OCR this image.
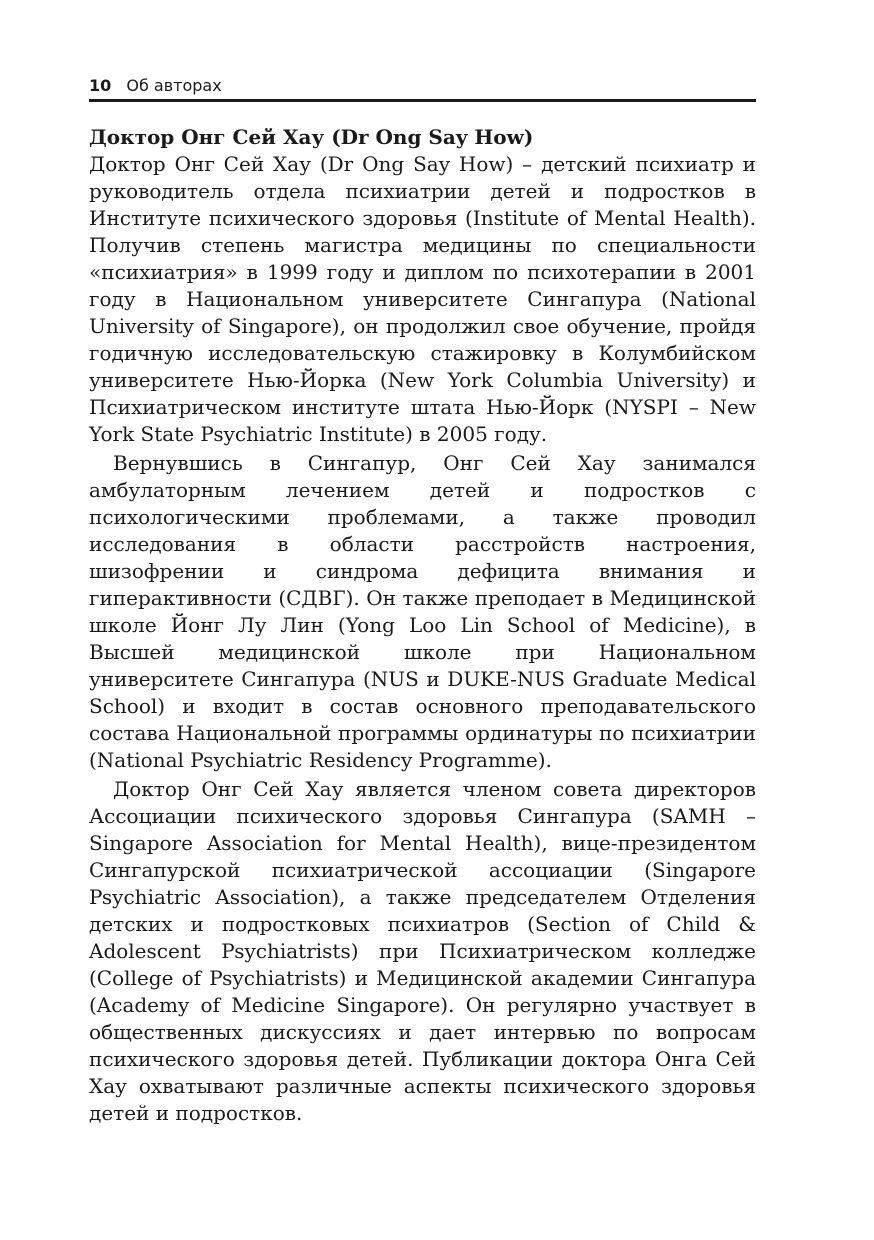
10 Об авторах
Доктор Онг Сей Хау (Dr Ong Say How)

Доктор Онг Сей Хау (Dr Ong Say How) – детский психиатр и руководитель отдела психиатрии детей и подростков в Институте психического здоровья (Institute of Mental Health). Получив степень магистра медицины по специальности «психиатрия» в 1999 году и диплом по психотерапии в 2001 году в Национальном университете Сингапура (National University of Singapore), он продолжил свое обучение, пройдя годичную исследовательскую стажировку в Колумбийском университете Нью-Йорка (New York Columbia University) и Психиатрическом институте штата Нью-Йорк (NYSPI – New York State Psychiatric Institute) в 2005 году.

Вернувшись в Сингапур, Онг Сей Хау занимался амбулаторным лечением детей и подростков с психологическими проблемами, а также проводил исследования в области расстройств настроения, шизофрении и синдрома дефицита внимания и гиперактивности (СДВГ). Он также преподает в Медицинской школе Йонг Лу Лин (Yong Loo Lin School of Medicine), в Высшей медицинской школе при Национальном университете Сингапура (NUS и DUKE-NUS Graduate Medical School) и входит в состав основного преподавательского состава Национальной программы ординатуры по психиатрии (National Psychiatric Residency Programme).

Доктор Онг Сей Хау является членом совета директоров Ассоциации психического здоровья Сингапура (SAMH – Singapore Association for Mental Health), вице-президентом Сингапурской психиатрической ассоциации (Singapore Psychiatric Association), а также председателем Отделения детских и подростковых психиатров (Section of Child & Adolescent Psychiatrists) при Психиатрическом колледже (College of Psychiatrists) и Медицинской академии Сингапура (Academy of Medicine Singapore). Он регулярно участвует в общественных дискуссиях и дает интервью по вопросам психического здоровья детей. Публикации доктора Онга Сей Хау охватывают различные аспекты психического здоровья детей и подростков.
